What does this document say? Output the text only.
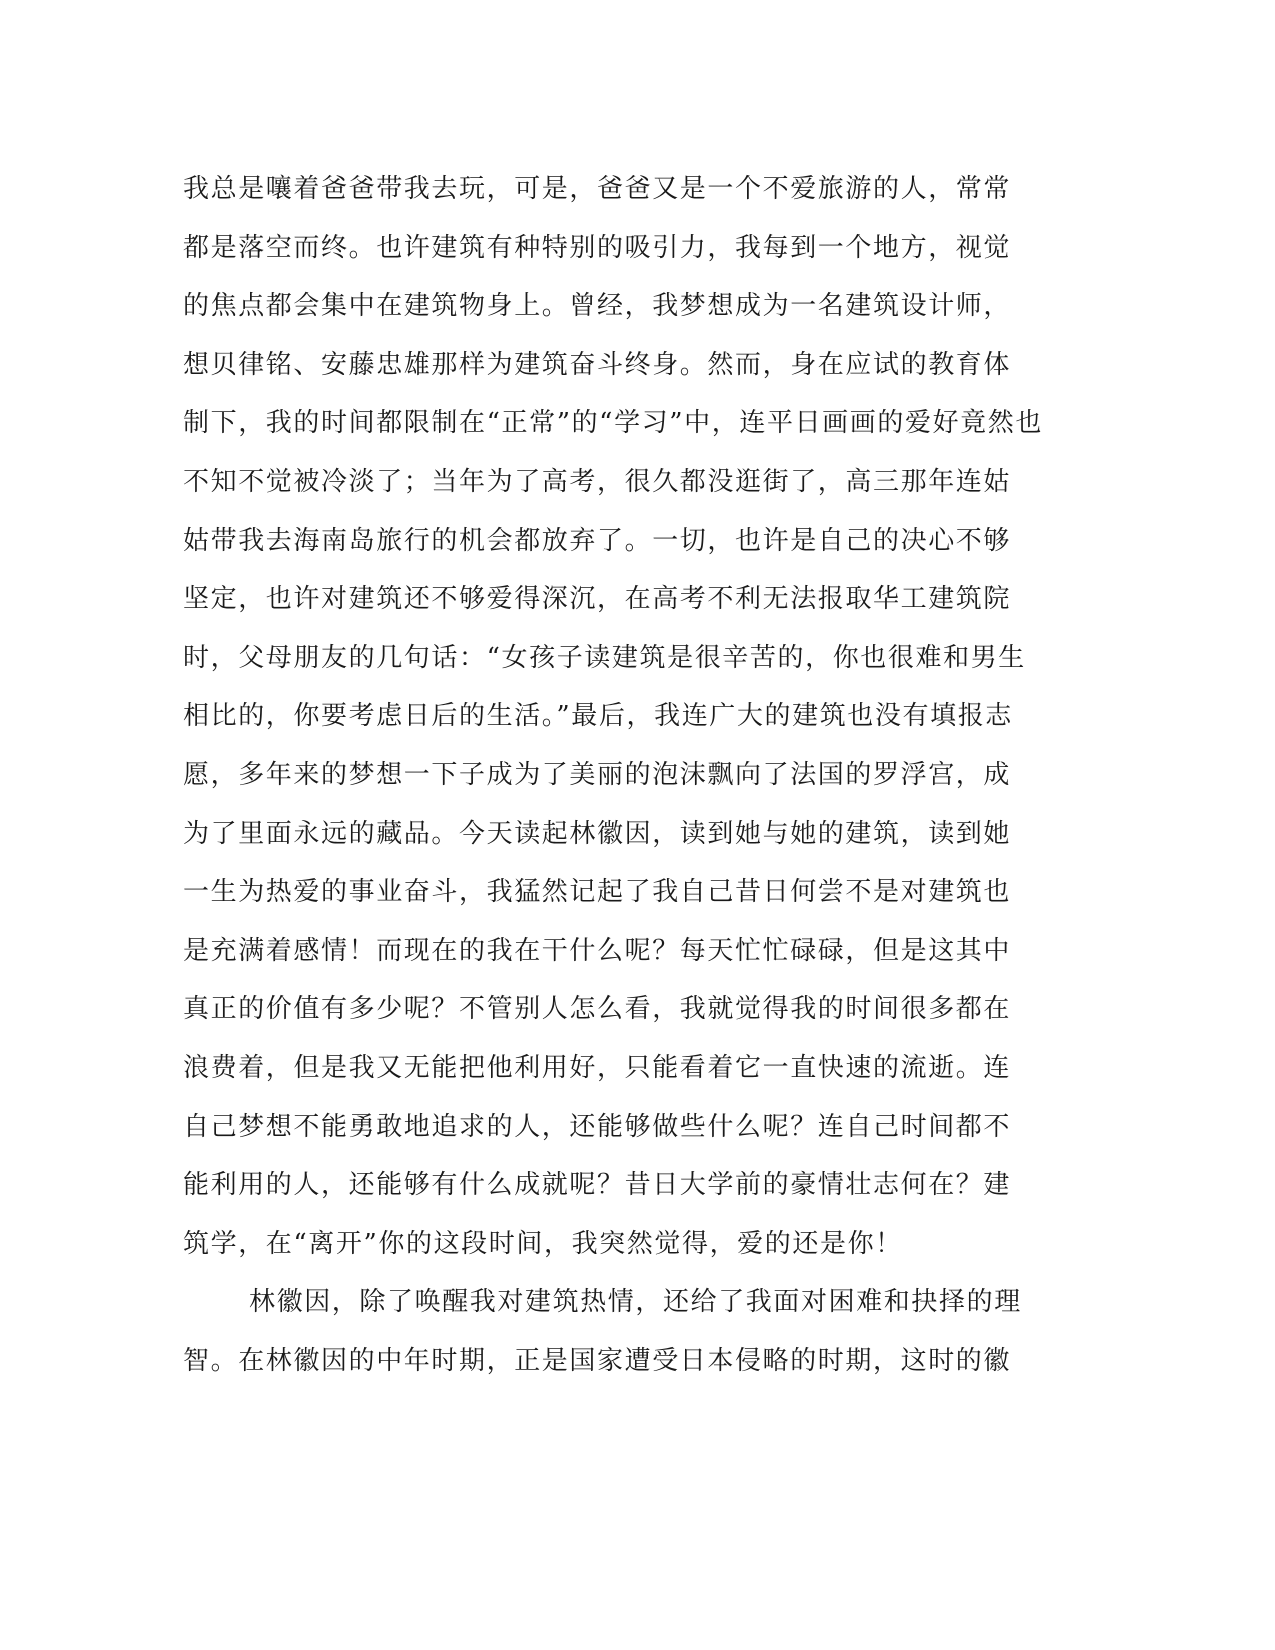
我总是嚷着爸爸带我去玩，可是，爸爸又是一个不爱旅游的人，常常
都是落空而终。也许建筑有种特别的吸引力，我每到一个地方，视觉
的焦点都会集中在建筑物身上。曾经，我梦想成为一名建筑设计师，
想贝律铭、安藤忠雄那样为建筑奋斗终身。然而，身在应试的教育体
制下，我的时间都限制在“正常”的“学习”中，连平日画画的爱好竟然也
不知不觉被冷淡了；当年为了高考，很久都没逛街了，高三那年连姑
姑带我去海南岛旅行的机会都放弃了。一切，也许是自己的决心不够
坚定，也许对建筑还不够爱得深沉，在高考不利无法报取华工建筑院
时，父母朋友的几句话：“女孩子读建筑是很辛苦的，你也很难和男生
相比的，你要考虑日后的生活。”最后，我连广大的建筑也没有填报志
愿，多年来的梦想一下子成为了美丽的泡沫飘向了法国的罗浮宫，成
为了里面永远的藏品。今天读起林徽因，读到她与她的建筑，读到她
一生为热爱的事业奋斗，我猛然记起了我自己昔日何尝不是对建筑也
是充满着感情！而现在的我在干什么呢？每天忙忙碌碌，但是这其中
真正的价值有多少呢？不管别人怎么看，我就觉得我的时间很多都在
浪费着，但是我又无能把他利用好，只能看着它一直快速的流逝。连
自己梦想不能勇敢地追求的人，还能够做些什么呢？连自己时间都不
能利用的人，还能够有什么成就呢？昔日大学前的豪情壮志何在？建
筑学，在“离开”你的这段时间，我突然觉得，爱的还是你！
林徽因，除了唤醒我对建筑热情，还给了我面对困难和抉择的理
智。在林徽因的中年时期，正是国家遭受日本侵略的时期，这时的徽
